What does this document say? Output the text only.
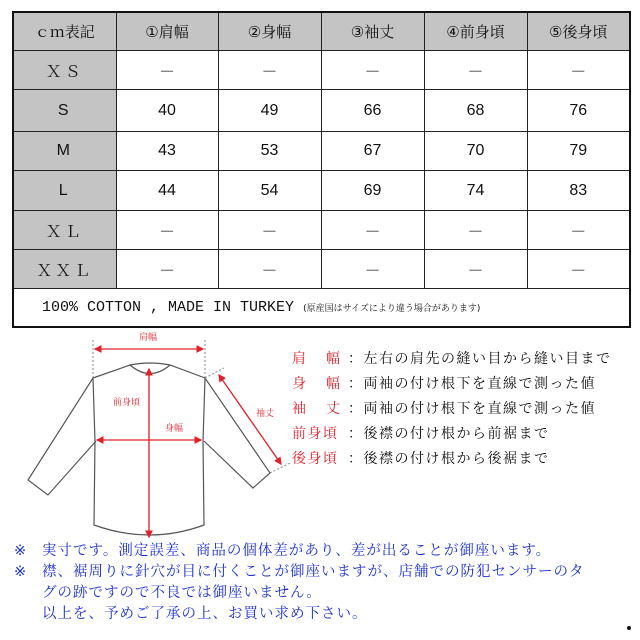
ｃｍ表記	①肩幅	②身幅	③袖丈	④前身頃	⑤後身頃
ＸＳ	－	－	－	－	－
S	40	49	66	68	76
M	43	53	67	70	79
L	44	54	69	74	83
ＸＬ	－	－	－	－	－
ＸＸＬ	－	－	－	－	－
100% COTTON , MADE IN TURKEY (原産国はサイズにより違う場合があります)					
肩幅
前身頃
身幅
袖丈
肩幅
：左右の肩先の縫い目から縫い目まで
身幅
：両袖の付け根下を直線で測った値
袖丈
：両袖の付け根下を直線で測った値
前身頃 ：後襟の付け根から前裾まで
後身頃 ：後襟の付け根から後裾まで
※	実寸です。測定誤差、商品の個体差があり、差が出ることが御座います。
※	襟、裾周りに針穴が目に付くことが御座いますが、店舗での防犯センサーのタ
グの跡ですので不良では御座いません。
以上を、予めご了承の上、お買い求め下さい。
